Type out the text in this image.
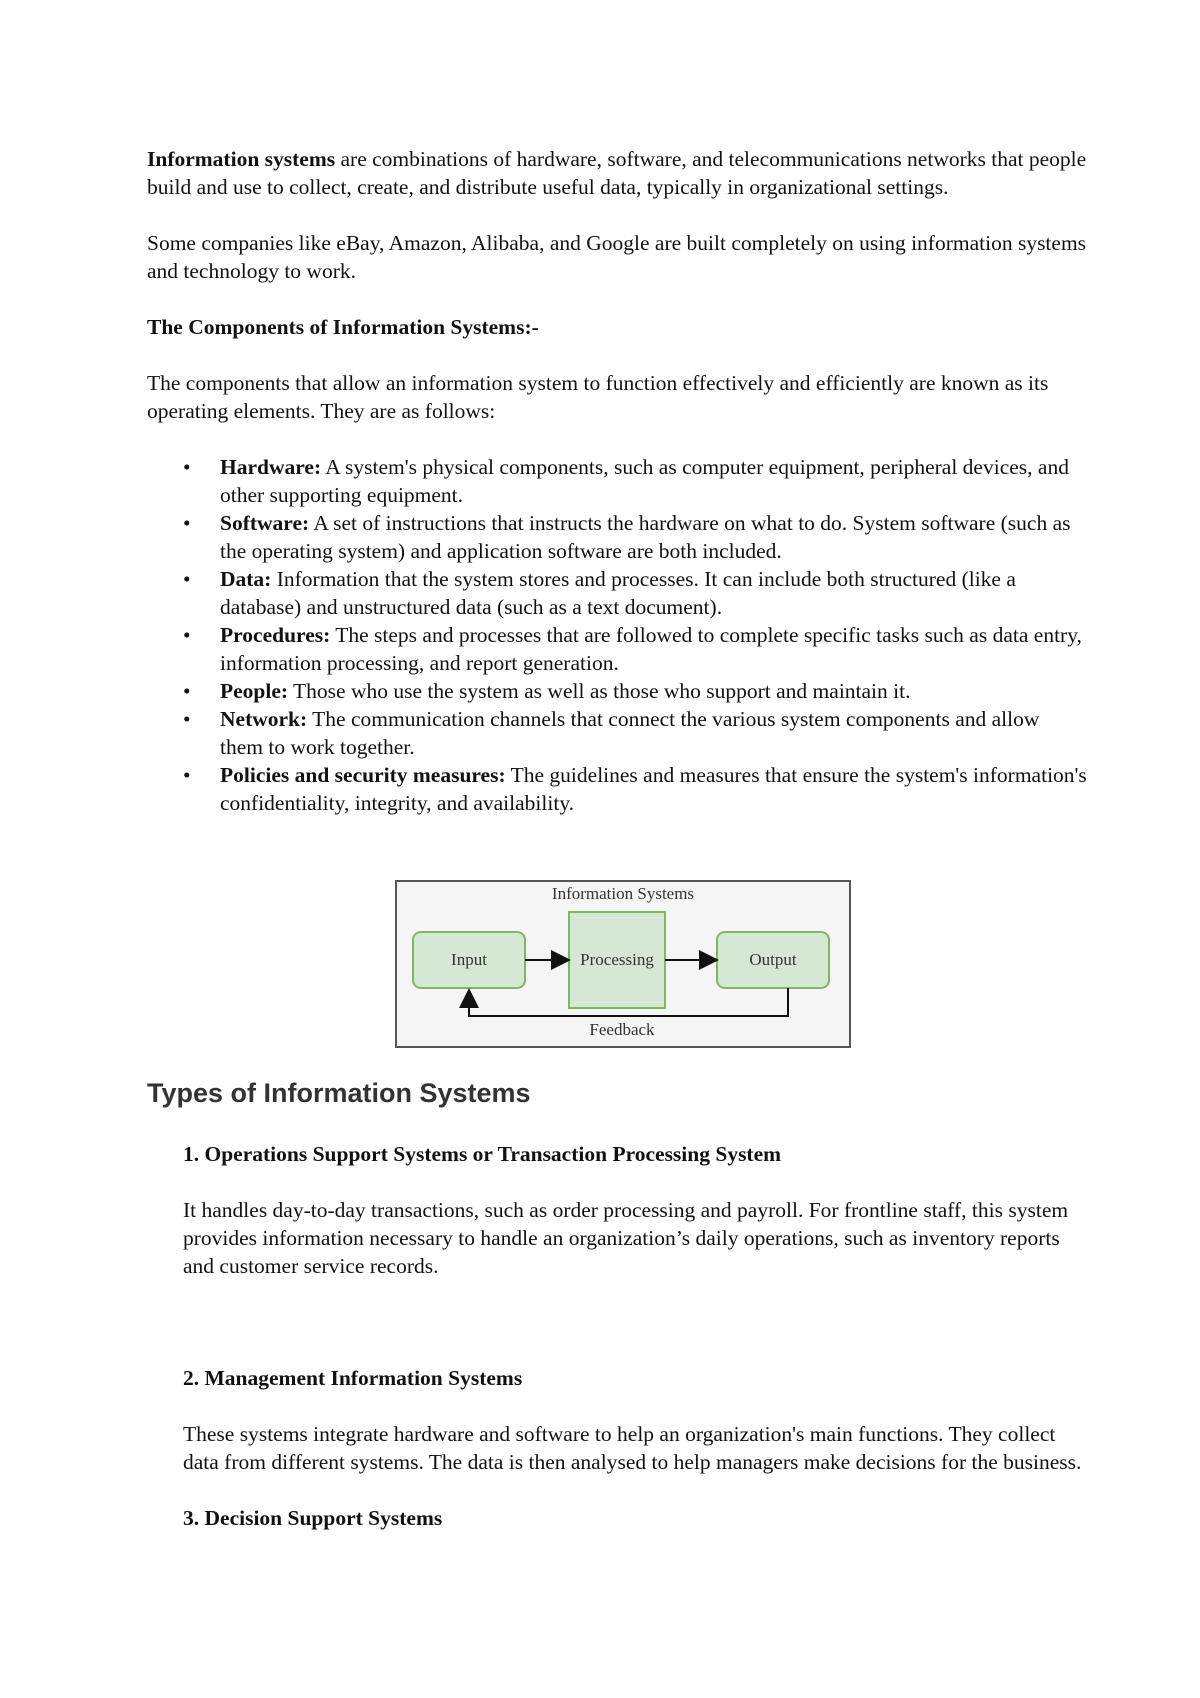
Information systems are combinations of hardware, software, and telecommunications networks that people build and use to collect, create, and distribute useful data, typically in organizational settings.

Some companies like eBay, Amazon, Alibaba, and Google are built completely on using information systems and technology to work.

The Components of Information Systems:-

The components that allow an information system to function effectively and efficiently are known as its operating elements. They are as follows:

• Hardware: A system's physical components, such as computer equipment, peripheral devices, and other supporting equipment.
• Software: A set of instructions that instructs the hardware on what to do. System software (such as the operating system) and application software are both included.
• Data: Information that the system stores and processes. It can include both structured (like a database) and unstructured data (such as a text document).
• Procedures: The steps and processes that are followed to complete specific tasks such as data entry, information processing, and report generation.
• People: Those who use the system as well as those who support and maintain it.
• Network: The communication channels that connect the various system components and allow them to work together.
• Policies and security measures: The guidelines and measures that ensure the system's information's confidentiality, integrity, and availability.
Information Systems
Input	Processing	Output
Feedback
Types of Information Systems
1. Operations Support Systems or Transaction Processing System

It handles day-to-day transactions, such as order processing and payroll. For frontline staff, this system provides information necessary to handle an organization’s daily operations, such as inventory reports and customer service records.

2. Management Information Systems

These systems integrate hardware and software to help an organization's main functions. They collect data from different systems. The data is then analysed to help managers make decisions for the business.

3. Decision Support Systems
